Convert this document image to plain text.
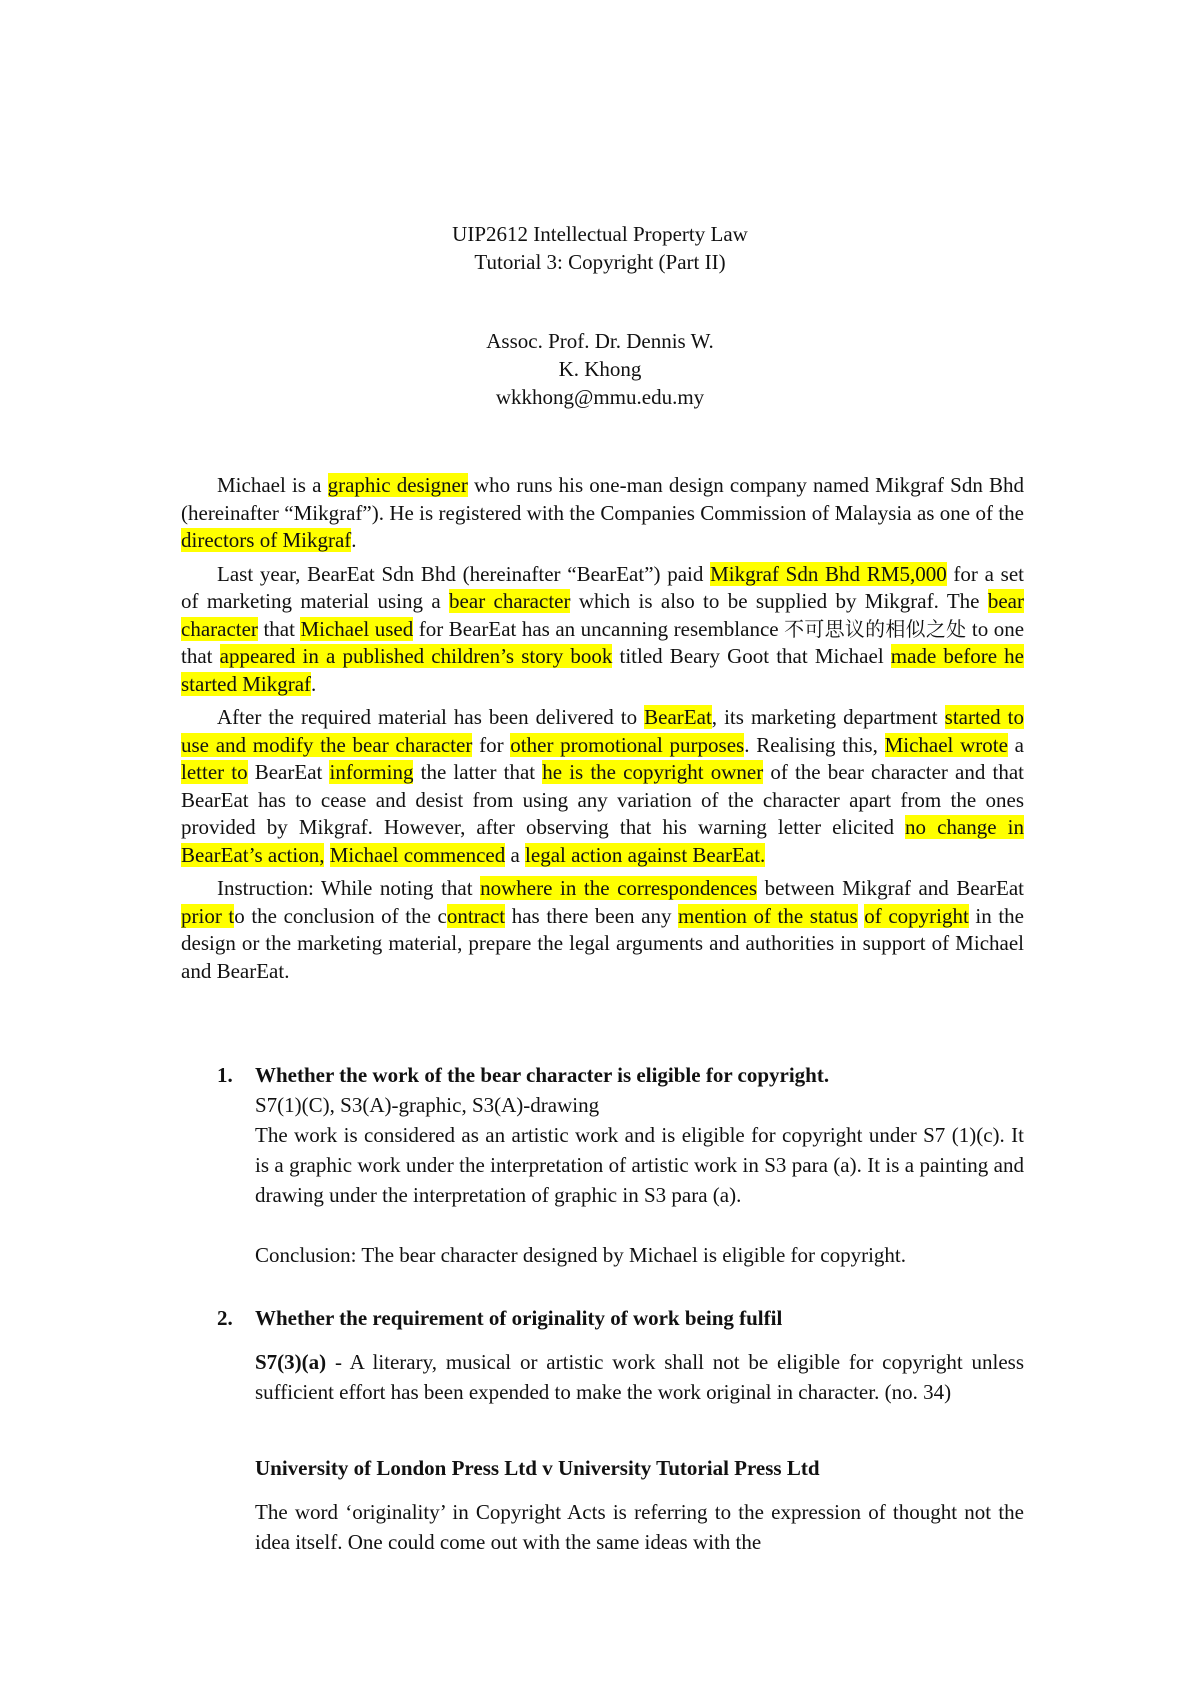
UIP2612 Intellectual Property Law
Tutorial 3: Copyright (Part II)
Assoc. Prof. Dr. Dennis W.
K. Khong
wkkhong@mmu.edu.my

Michael is a graphic designer who runs his one-man design company named Mikgraf Sdn Bhd (hereinafter “Mikgraf”). He is registered with the Companies Commission of Malaysia as one of the directors of Mikgraf.

Last year, BearEat Sdn Bhd (hereinafter “BearEat”) paid Mikgraf Sdn Bhd RM5,000 for a set of marketing material using a bear character which is also to be supplied by Mikgraf. The bear character that Michael used for BearEat has an uncanning resemblance 不可思议的相似之处 to one that appeared in a published children’s story book titled Beary Goot that Michael made before he started Mikgraf.

After the required material has been delivered to BearEat, its marketing department started to use and modify the bear character for other promotional purposes. Realising this, Michael wrote a letter to BearEat informing the latter that he is the copyright owner of the bear character and that BearEat has to cease and desist from using any variation of the character apart from the ones provided by Mikgraf. However, after observing that his warning letter elicited no change in BearEat’s action, Michael commenced a legal action against BearEat.

Instruction: While noting that nowhere in the correspondences between Mikgraf and BearEat prior to the conclusion of the contract has there been any mention of the status of copyright in the design or the marketing material, prepare the legal arguments and authorities in support of Michael and BearEat.

1. Whether the work of the bear character is eligible for copyright.
S7(1)(C), S3(A)-graphic, S3(A)-drawing
The work is considered as an artistic work and is eligible for copyright under S7 (1)(c). It is a graphic work under the interpretation of artistic work in S3 para (a). It is a painting and drawing under the interpretation of graphic in S3 para (a).
Conclusion: The bear character designed by Michael is eligible for copyright.
2. Whether the requirement of originality of work being fulfil
S7(3)(a) - A literary, musical or artistic work shall not be eligible for copyright unless sufficient effort has been expended to make the work original in character. (no. 34)
University of London Press Ltd v University Tutorial Press Ltd
The word ‘originality’ in Copyright Acts is referring to the expression of thought not the idea itself. One could come out with the same ideas with the
